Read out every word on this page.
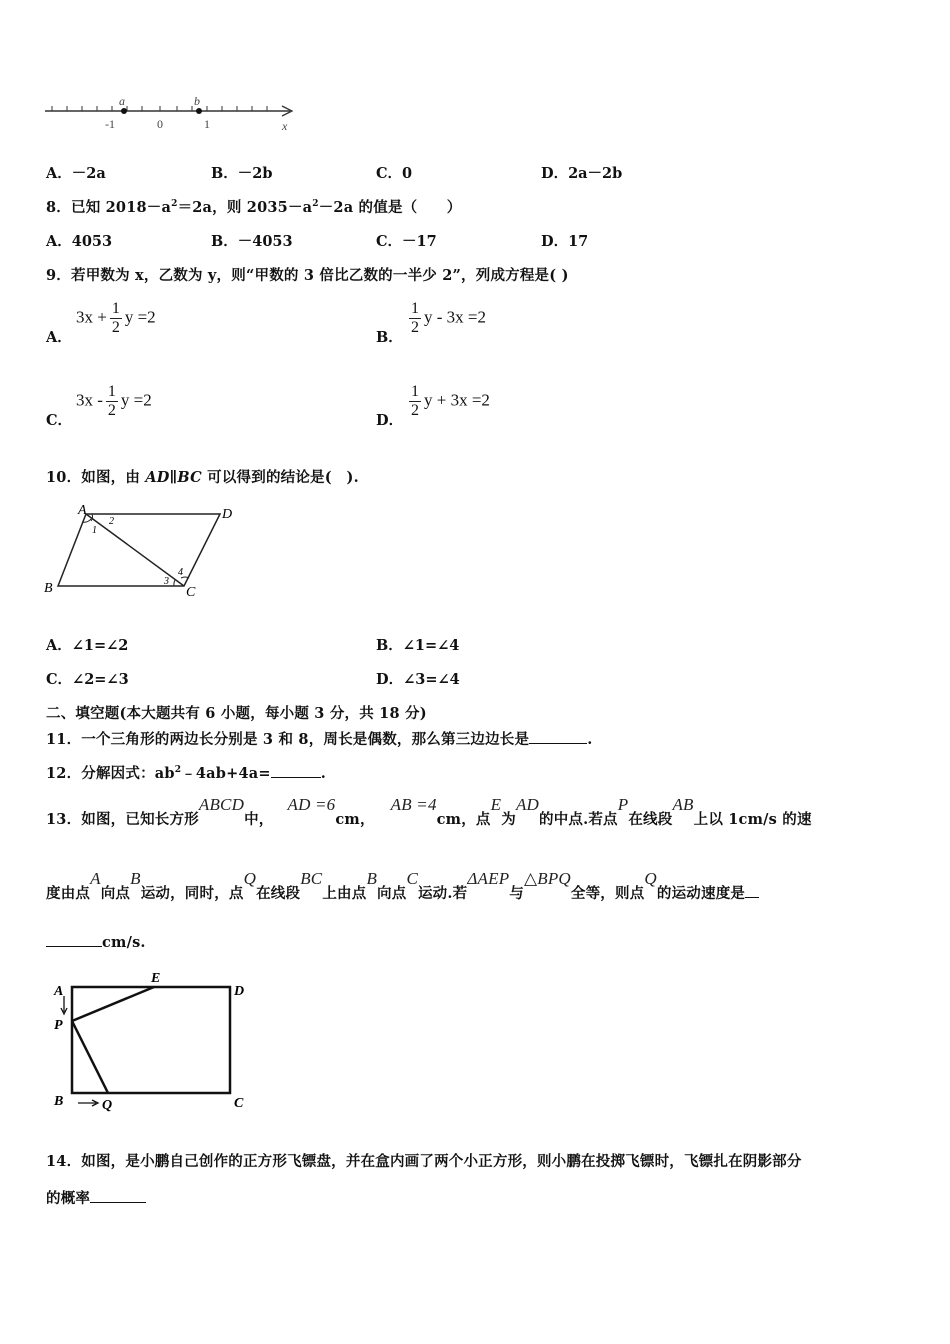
a	b
-1	0	1	x
A．－2a	B．－2b	C．0	D．2a－2b
8．已知 $2018-a^2=2a$，则 $2035-a^2-2a$ 的值是（　　）
A．4053	B．－4053	C．－17	D．17
9．若甲数为 x，乙数为 y，则“甲数的 3 倍比乙数的一半少 2”，列成方程是( )
A．
$3x + \frac{1}{2}$ y =2
B．
$\frac{1}{2}$ y - 3x =2
C．
$3x - \frac{1}{2}$ y =2
D．
$\frac{1}{2}$ y + 3x =2
10．如图，由 AD∥BC 可以得到的结论是(　).
A	D
B	C
1
2
3
4
A．∠1=∠2	B．∠1=∠4
C．∠2=∠3	D．∠3=∠4
二、填空题(本大题共有 6 小题，每小题 3 分，共 18 分)
11．一个三角形的两边长分别是 3 和 8，周长是偶数，那么第三边边长是	.
12．分解因式：$ab^2﹣4ab+4a=$	.
13．如图，已知长方形ABCD中，AD =6cm，AB =4cm，点E为AD的中点.若点P在线段AB上以 1cm/s 的速
度由点A向点B运动，同时，点Q在线段BC上由点B向点C运动.若ΔAEP与△BPQ全等，则点Q的运动速度是
cm/s.
A
E
D
P
B	Q	C
14．如图，是小鹏自己创作的正方形飞镖盘，并在盒内画了两个小正方形，则小鹏在投掷飞镖时，飞镖扎在阴影部分
的概率
